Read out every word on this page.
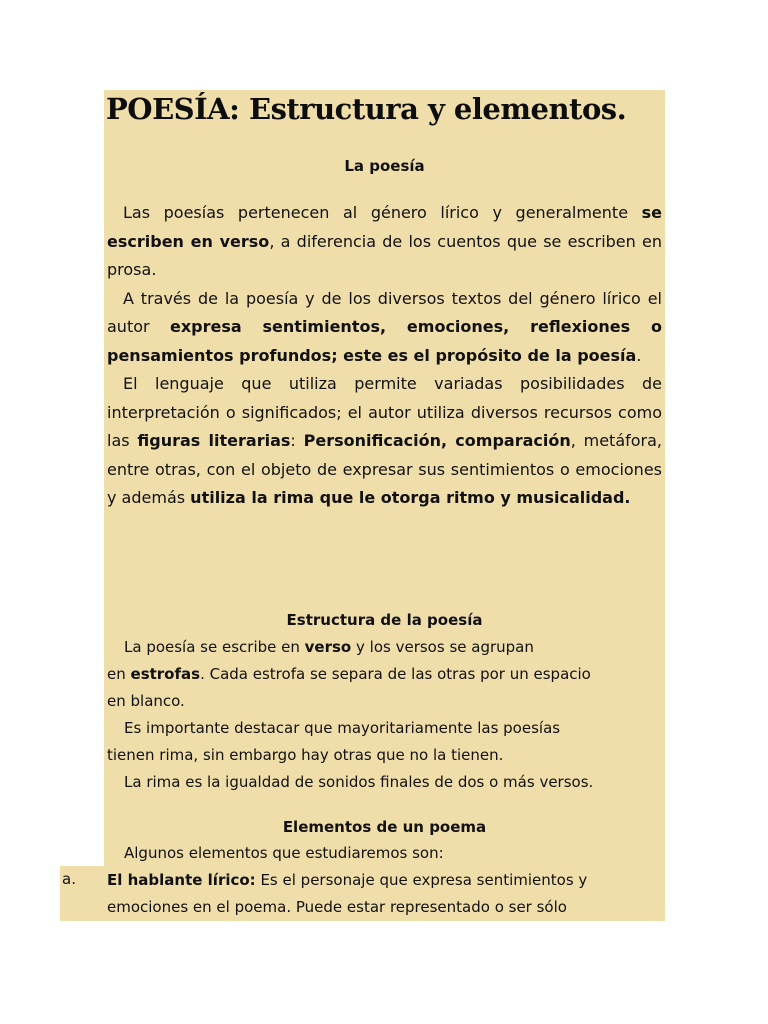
POESÍA: Estructura y elementos.
La poesía

Las poesías pertenecen al género lírico y generalmente se escriben en verso, a diferencia de los cuentos que se escriben en prosa.

A través de la poesía y de los diversos textos del género lírico el autor expresa sentimientos, emociones, reflexiones o pensamientos profundos; este es el propósito de la poesía.

El lenguaje que utiliza permite variadas posibilidades de interpretación o significados; el autor utiliza diversos recursos como las figuras literarias: Personificación, comparación, metáfora, entre otras, con el objeto de expresar sus sentimientos o emociones y además utiliza la rima que le otorga ritmo y musicalidad.

Estructura de la poesía

La poesía se escribe en verso y los versos se agrupan

en estrofas. Cada estrofa se separa de las otras por un espacio

en blanco.

Es importante destacar que mayoritariamente las poesías

tienen rima, sin embargo hay otras que no la tienen.

La rima es la igualdad de sonidos finales de dos o más versos.

Elementos de un poema

Algunos elementos que estudiaremos son:

a. El hablante lírico: Es el personaje que expresa sentimientos y

emociones en el poema. Puede estar representado o ser sólo
